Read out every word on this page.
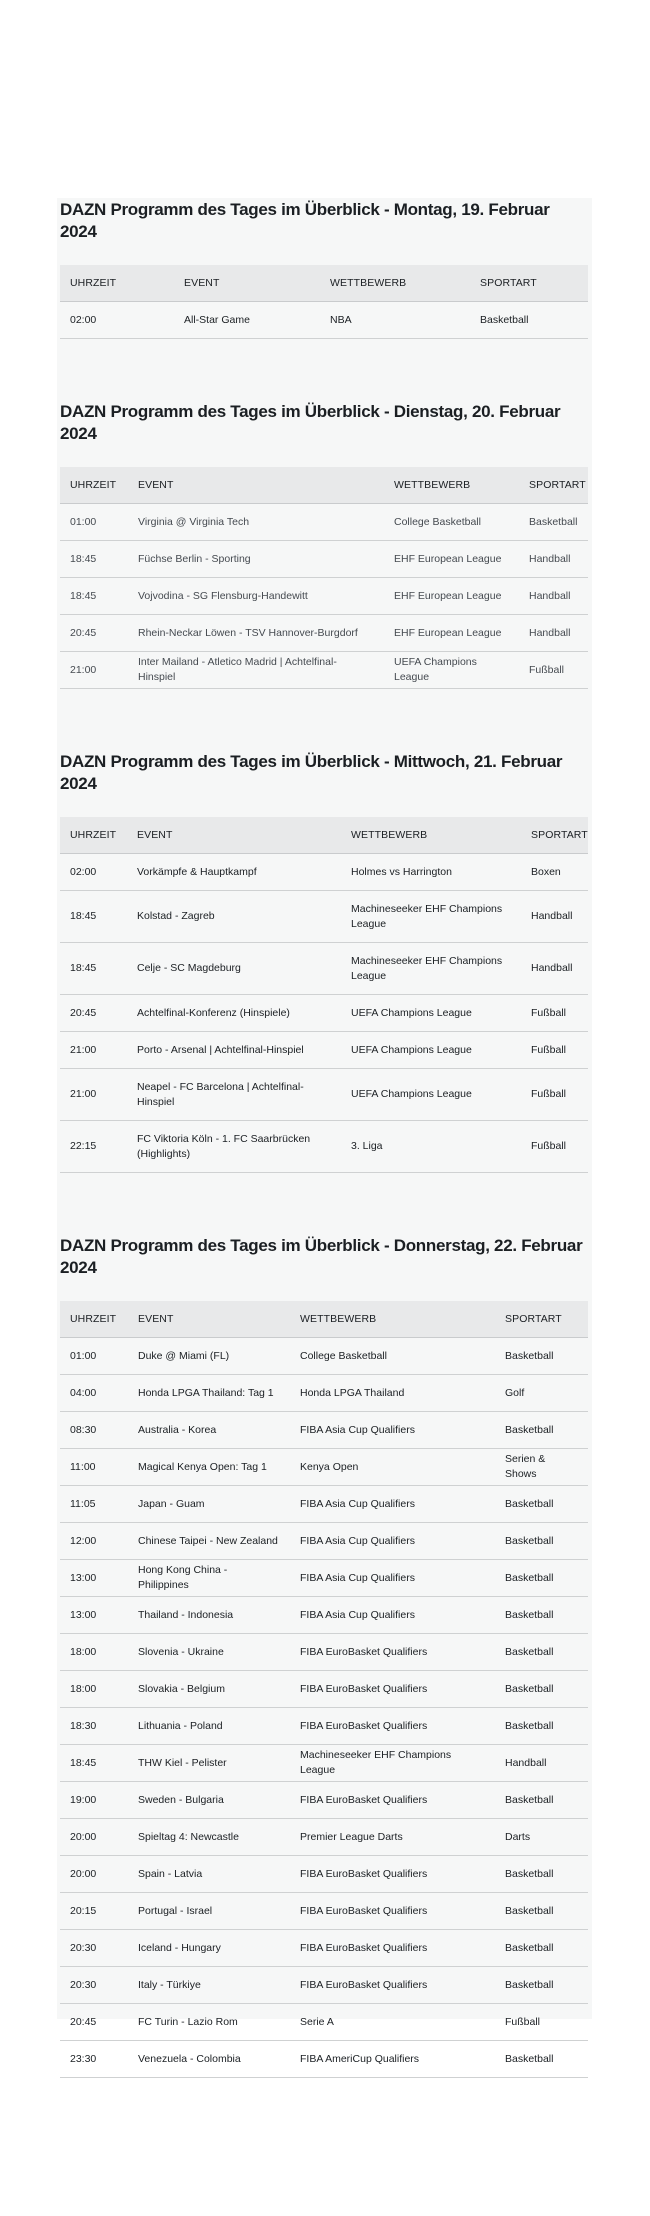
DAZN Programm des Tages im Überblick - Montag, 19. Februar 2024
UHRZEIT	EVENT	WETTBEWERB	SPORTART
02:00	All-Star Game	NBA	Basketball
DAZN Programm des Tages im Überblick - Dienstag, 20. Februar 2024
UHRZEIT	EVENT	WETTBEWERB	SPORTART
01:00	Virginia @ Virginia Tech	College Basketball	Basketball
18:45	Füchse Berlin - Sporting	EHF European League	Handball
18:45	Vojvodina - SG Flensburg-Handewitt	EHF European League	Handball
20:45	Rhein-Neckar Löwen - TSV Hannover-Burgdorf	EHF European League	Handball
21:00	Inter Mailand - Atletico Madrid | Achtelfinal-Hinspiel	UEFA Champions League	Fußball
DAZN Programm des Tages im Überblick - Mittwoch, 21. Februar 2024
UHRZEIT	EVENT	WETTBEWERB	SPORTART
02:00	Vorkämpfe & Hauptkampf	Holmes vs Harrington	Boxen
18:45	Kolstad - Zagreb	Machineseeker EHF Champions League	Handball
18:45	Celje - SC Magdeburg	Machineseeker EHF Champions League	Handball
20:45	Achtelfinal-Konferenz (Hinspiele)	UEFA Champions League	Fußball
21:00	Porto - Arsenal | Achtelfinal-Hinspiel	UEFA Champions League	Fußball
21:00	Neapel - FC Barcelona | Achtelfinal-Hinspiel	UEFA Champions League	Fußball
22:15	FC Viktoria Köln - 1. FC Saarbrücken (Highlights)	3. Liga	Fußball
DAZN Programm des Tages im Überblick - Donnerstag, 22. Februar 2024
UHRZEIT	EVENT	WETTBEWERB	SPORTART
01:00	Duke @ Miami (FL)	College Basketball	Basketball
04:00	Honda LPGA Thailand: Tag 1	Honda LPGA Thailand	Golf
08:30	Australia - Korea	FIBA Asia Cup Qualifiers	Basketball
11:00	Magical Kenya Open: Tag 1	Kenya Open	Serien & Shows
11:05	Japan - Guam	FIBA Asia Cup Qualifiers	Basketball
12:00	Chinese Taipei - New Zealand	FIBA Asia Cup Qualifiers	Basketball
13:00	Hong Kong China - Philippines	FIBA Asia Cup Qualifiers	Basketball
13:00	Thailand - Indonesia	FIBA Asia Cup Qualifiers	Basketball
18:00	Slovenia - Ukraine	FIBA EuroBasket Qualifiers	Basketball
18:00	Slovakia - Belgium	FIBA EuroBasket Qualifiers	Basketball
18:30	Lithuania - Poland	FIBA EuroBasket Qualifiers	Basketball
18:45	THW Kiel - Pelister	Machineseeker EHF Champions League	Handball
19:00	Sweden - Bulgaria	FIBA EuroBasket Qualifiers	Basketball
20:00	Spieltag 4: Newcastle	Premier League Darts	Darts
20:00	Spain - Latvia	FIBA EuroBasket Qualifiers	Basketball
20:15	Portugal - Israel	FIBA EuroBasket Qualifiers	Basketball
20:30	Iceland - Hungary	FIBA EuroBasket Qualifiers	Basketball
20:30	Italy - Türkiye	FIBA EuroBasket Qualifiers	Basketball
20:45	FC Turin - Lazio Rom	Serie A	Fußball
23:30	Venezuela - Colombia	FIBA AmeriCup Qualifiers	Basketball
